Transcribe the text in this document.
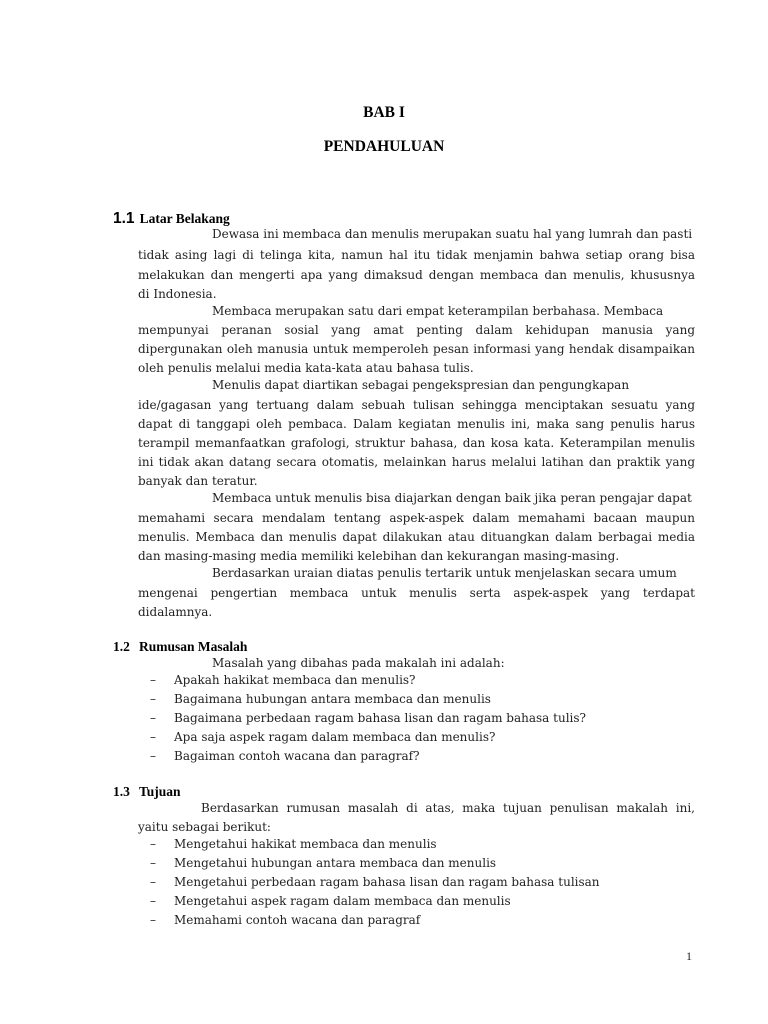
BAB I
PENDAHULUAN
1.1 Latar Belakang
Dewasa ini membaca dan menulis merupakan suatu hal yang lumrah dan pasti
tidak asing lagi di telinga kita, namun hal itu tidak menjamin bahwa setiap orang bisa
melakukan dan mengerti apa yang dimaksud dengan membaca dan menulis, khususnya
di Indonesia.
Membaca merupakan satu dari empat keterampilan berbahasa. Membaca
mempunyai peranan sosial yang amat penting dalam kehidupan manusia yang
dipergunakan oleh manusia untuk memperoleh pesan informasi yang hendak disampaikan
oleh penulis melalui media kata-kata atau bahasa tulis.
Menulis dapat diartikan sebagai pengekspresian dan pengungkapan
ide/gagasan yang tertuang dalam sebuah tulisan sehingga menciptakan sesuatu yang
dapat di tanggapi oleh pembaca. Dalam kegiatan menulis ini, maka sang penulis harus
terampil memanfaatkan grafologi, struktur bahasa, dan kosa kata. Keterampilan menulis
ini tidak akan datang secara otomatis, melainkan harus melalui latihan dan praktik yang
banyak dan teratur.
Membaca untuk menulis bisa diajarkan dengan baik jika peran pengajar dapat
memahami secara mendalam tentang aspek-aspek dalam memahami bacaan maupun
menulis. Membaca dan menulis dapat dilakukan atau dituangkan dalam berbagai media
dan masing-masing media memiliki kelebihan dan kekurangan masing-masing.
Berdasarkan uraian diatas penulis tertarik untuk menjelaskan secara umum
mengenai pengertian membaca untuk menulis serta aspek-aspek yang terdapat
didalamnya.
1.2 Rumusan Masalah
Masalah yang dibahas pada makalah ini adalah:
– Apakah hakikat membaca dan menulis?
– Bagaimana hubungan antara membaca dan menulis
– Bagaimana perbedaan ragam bahasa lisan dan ragam bahasa tulis?
– Apa saja aspek ragam dalam membaca dan menulis?
– Bagaiman contoh wacana dan paragraf?
1.3 Tujuan
Berdasarkan rumusan masalah di atas, maka tujuan penulisan makalah ini,
yaitu sebagai berikut:
– Mengetahui hakikat membaca dan menulis
– Mengetahui hubungan antara membaca dan menulis
– Mengetahui perbedaan ragam bahasa lisan dan ragam bahasa tulisan
– Mengetahui aspek ragam dalam membaca dan menulis
– Memahami contoh wacana dan paragraf
1
